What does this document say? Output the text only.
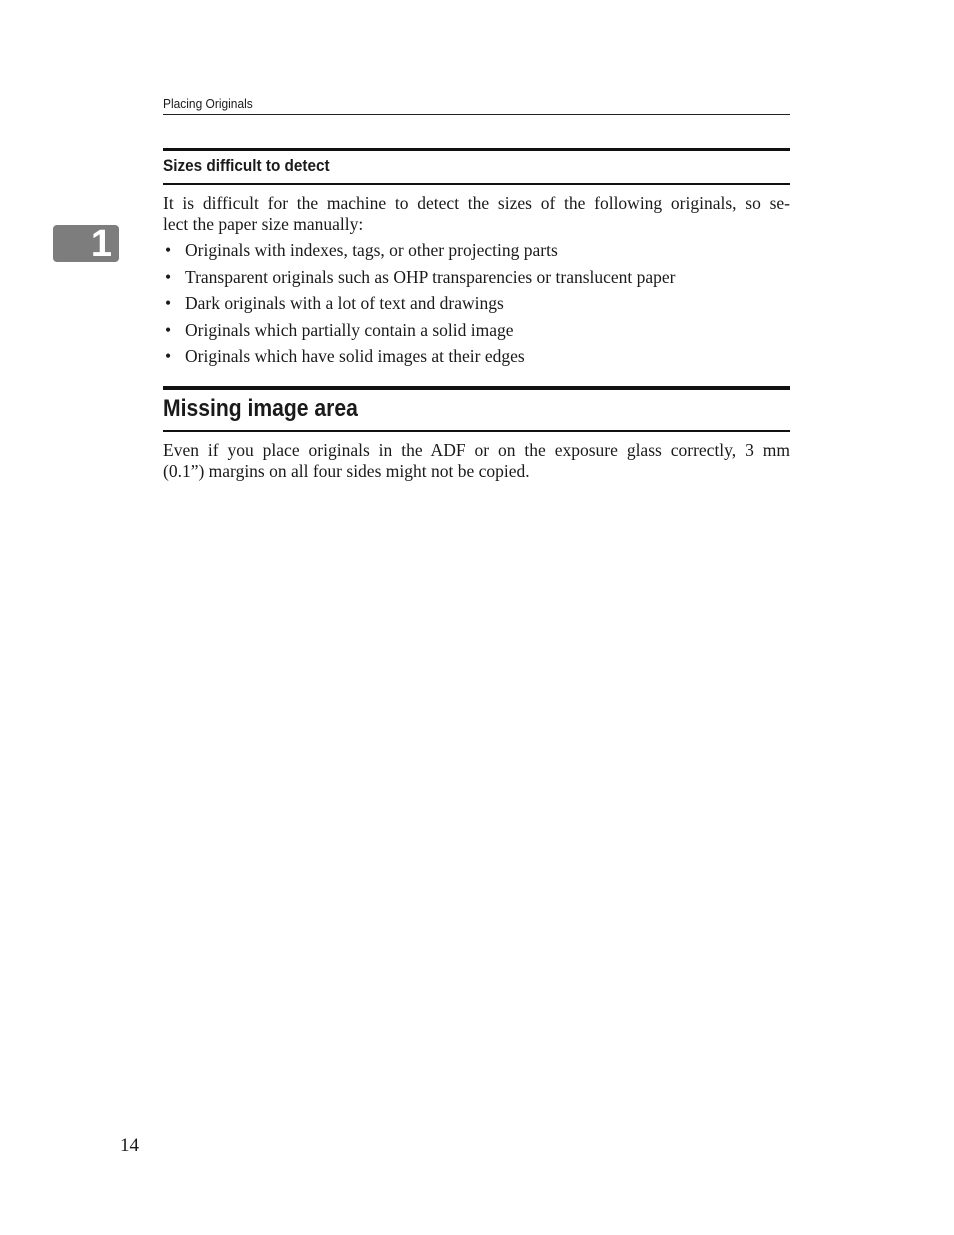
Placing Originals
1
Sizes difficult to detect
It is difficult for the machine to detect the sizes of the following originals, so se-
lect the paper size manually:
• Originals with indexes, tags, or other projecting parts
• Transparent originals such as OHP transparencies or translucent paper
• Dark originals with a lot of text and drawings
• Originals which partially contain a solid image
• Originals which have solid images at their edges
Missing image area
Even if you place originals in the ADF or on the exposure glass correctly, 3 mm
(0.1”) margins on all four sides might not be copied.
14
